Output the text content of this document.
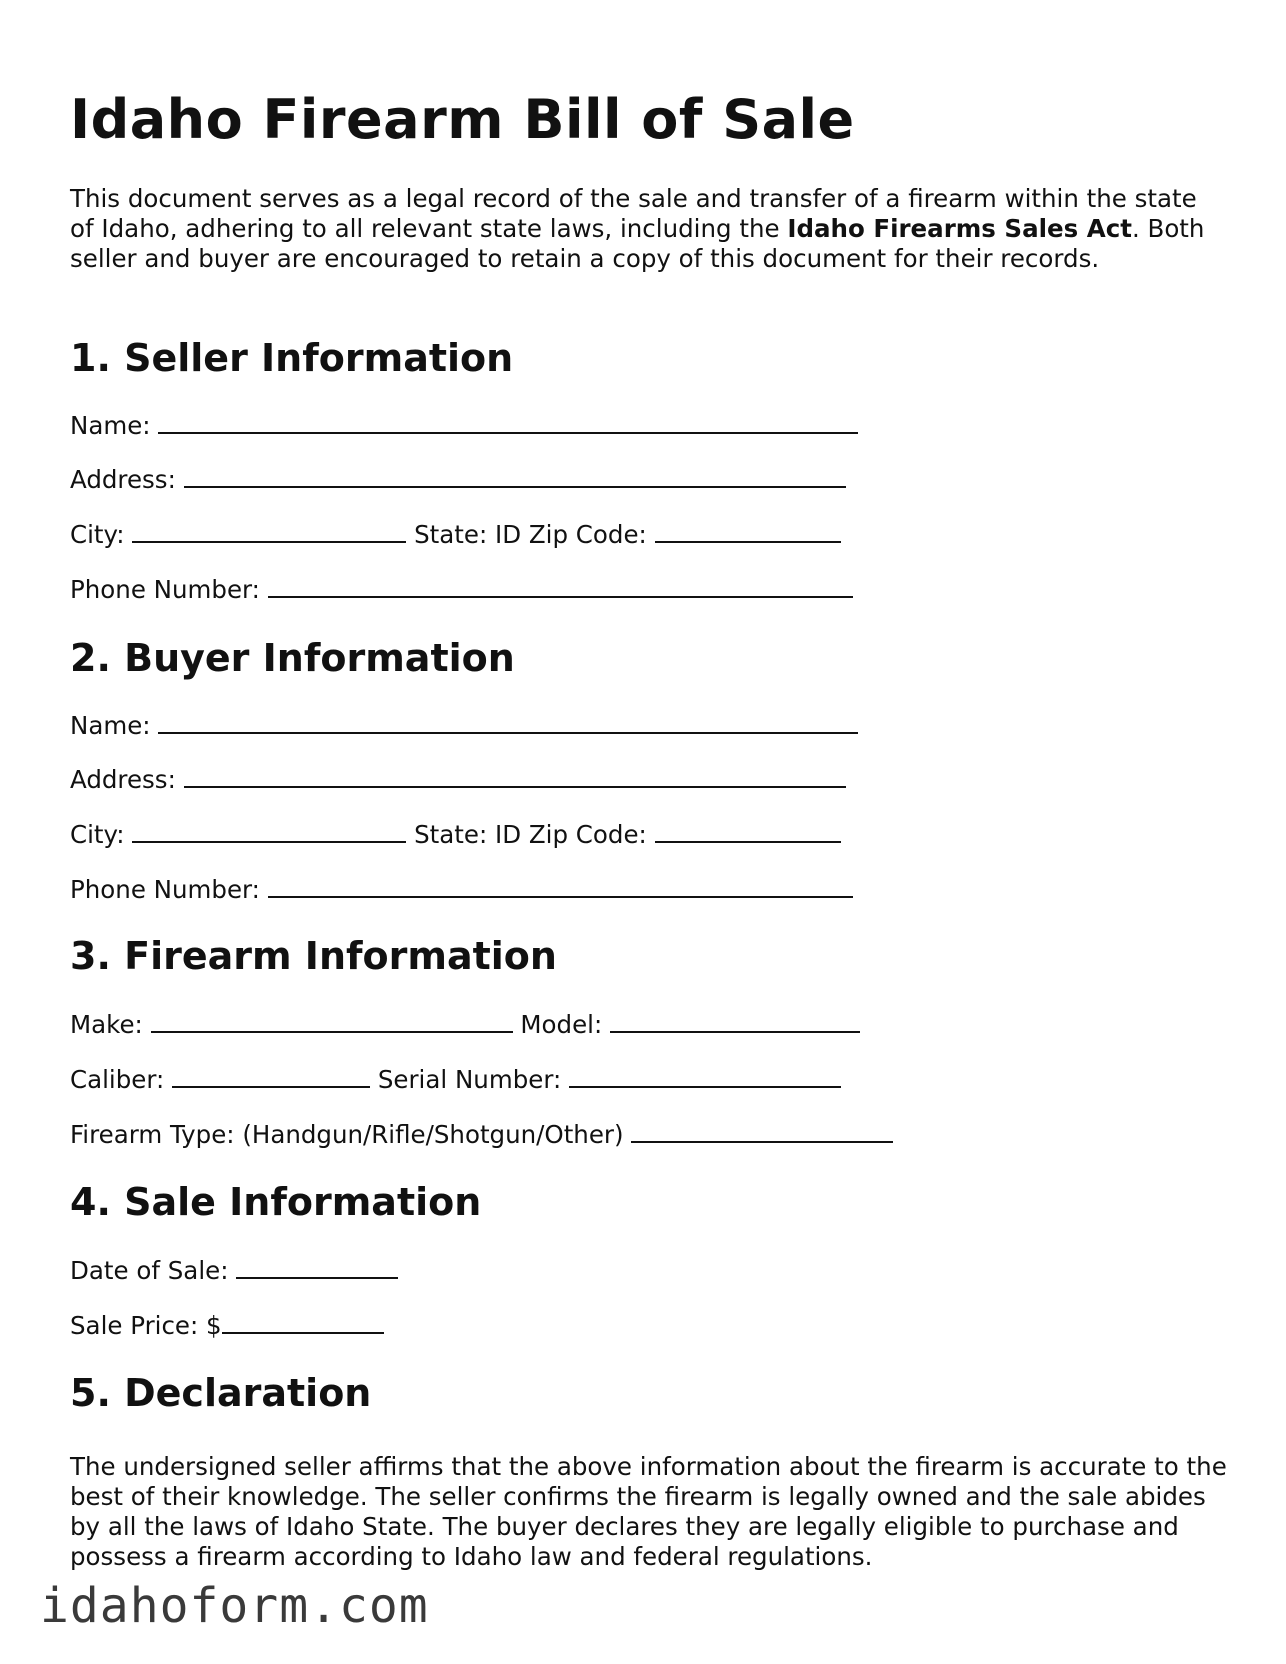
Idaho Firearm Bill of Sale

This document serves as a legal record of the sale and transfer of a firearm within the state of Idaho, adhering to all relevant state laws, including the Idaho Firearms Sales Act. Both seller and buyer are encouraged to retain a copy of this document for their records.

1. Seller Information
Name:
Address:
City:	State: ID Zip Code:
Phone Number:
2. Buyer Information
Name:
Address:
City:	State: ID Zip Code:
Phone Number:
3. Firearm Information
Make:	Model:
Caliber:	Serial Number:
Firearm Type: (Handgun/Rifle/Shotgun/Other)
4. Sale Information
Date of Sale:
Sale Price: $
5. Declaration

The undersigned seller affirms that the above information about the firearm is accurate to the best of their knowledge. The seller confirms the firearm is legally owned and the sale abides by all the laws of Idaho State. The buyer declares they are legally eligible to purchase and possess a firearm according to Idaho law and federal regulations.

idahoform.com
